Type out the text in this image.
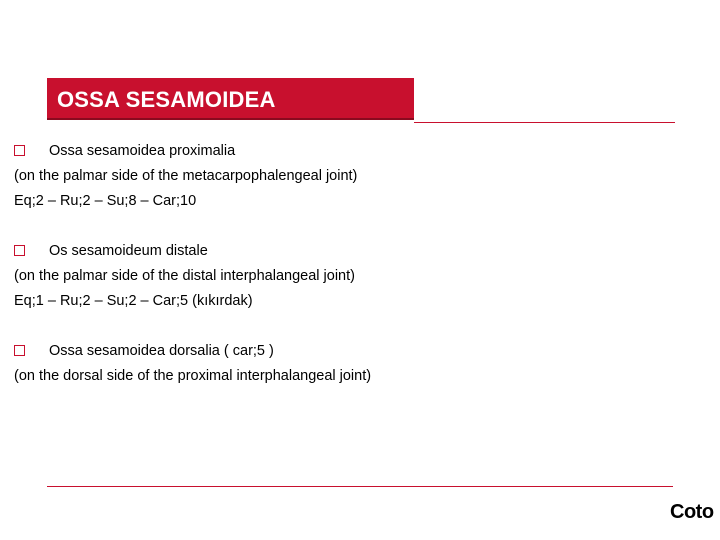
OSSA SESAMOIDEA
Ossa sesamoidea proximalia
(on the palmar side of the metacarpophalengeal joint)
Eq;2 – Ru;2 – Su;8 – Car;10
Os sesamoideum distale
(on the palmar side of the distal interphalangeal joint)
Eq;1 – Ru;2 – Su;2 – Car;5 (kıkırdak)
Ossa sesamoidea dorsalia ( car;5 )
(on the dorsal side of the proximal interphalangeal joint)
Coto
